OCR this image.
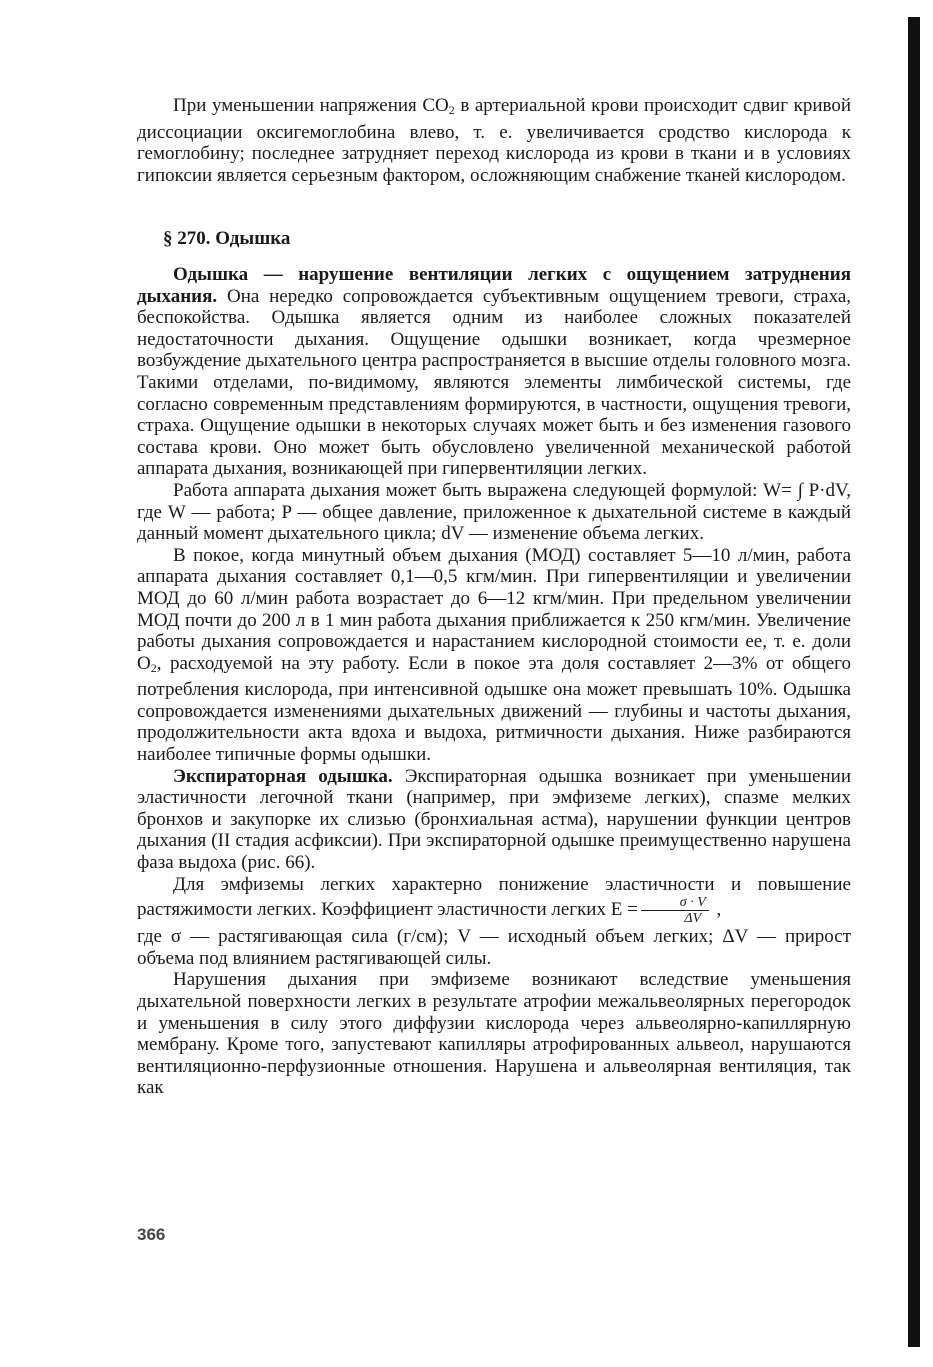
При уменьшении напряжения $CO_2$ в артериальной крови происходит сдвиг кривой диссоциации оксигемоглобина влево, т. е. увеличивается сродство кислорода к гемоглобину; последнее затрудняет переход кислорода из крови в ткани и в условиях гипоксии является серьезным фактором, осложняющим снабжение тканей кислородом.

§ 270. Одышка

Одышка — нарушение вентиляции легких с ощущением затруднения дыхания. Она нередко сопровождается субъективным ощущением тревоги, страха, беспокойства. Одышка является одним из наиболее сложных показателей недостаточности дыхания. Ощущение одышки возникает, когда чрезмерное возбуждение дыхательного центра распространяется в высшие отделы головного мозга. Такими отделами, по-видимому, являются элементы лимбической системы, где согласно современным представлениям формируются, в частности, ощущения тревоги, страха. Ощущение одышки в некоторых случаях может быть и без изменения газового состава крови. Оно может быть обусловлено увеличенной механической работой аппарата дыхания, возникающей при гипервентиляции легких.

Работа аппарата дыхания может быть выражена следующей формулой: W= ∫ P·dV, где W — работа; P — общее давление, приложенное к дыхательной системе в каждый данный момент дыхательного цикла; dV — изменение объема легких.

В покое, когда минутный объем дыхания (МОД) составляет 5—10 л/мин, работа аппарата дыхания составляет 0,1—0,5 кгм/мин. При гипервентиляции и увеличении МОД до 60 л/мин работа возрастает до 6—12 кгм/мин. При предельном увеличении МОД почти до 200 л в 1 мин работа дыхания приближается к 250 кгм/мин. Увеличение работы дыхания сопровождается и нарастанием кислородной стоимости ее, т. е. доли $O_2$, расходуемой на эту работу. Если в покое эта доля составляет 2—3% от общего потребления кислорода, при интенсивной одышке она может превышать 10%. Одышка сопровождается изменениями дыхательных движений — глубины и частоты дыхания, продолжительности акта вдоха и выдоха, ритмичности дыхания. Ниже разбираются наиболее типичные формы одышки.

Экспираторная одышка. Экспираторная одышка возникает при уменьшении эластичности легочной ткани (например, при эмфиземе легких), спазме мелких бронхов и закупорке их слизью (бронхиальная астма), нарушении функции центров дыхания (II стадия асфиксии). При экспираторной одышке преимущественно нарушена фаза выдоха (рис. 66).

Для эмфиземы легких характерно понижение эластичности и повышение растяжимости легких. Коэффициент эластичности легких $E = \frac{\sigma \cdot V}{\Delta V}$ ,

где σ — растягивающая сила (г/см); V — исходный объем легких; ΔV — прирост объема под влиянием растягивающей силы.

Нарушения дыхания при эмфиземе возникают вследствие уменьшения дыхательной поверхности легких в результате атрофии межальвеолярных перегородок и уменьшения в силу этого диффузии кислорода через альвеолярно-капиллярную мембрану. Кроме того, запустевают капилляры атрофированных альвеол, нарушаются вентиляционно-перфузионные отношения. Нарушена и альвеолярная вентиляция, так как

366
